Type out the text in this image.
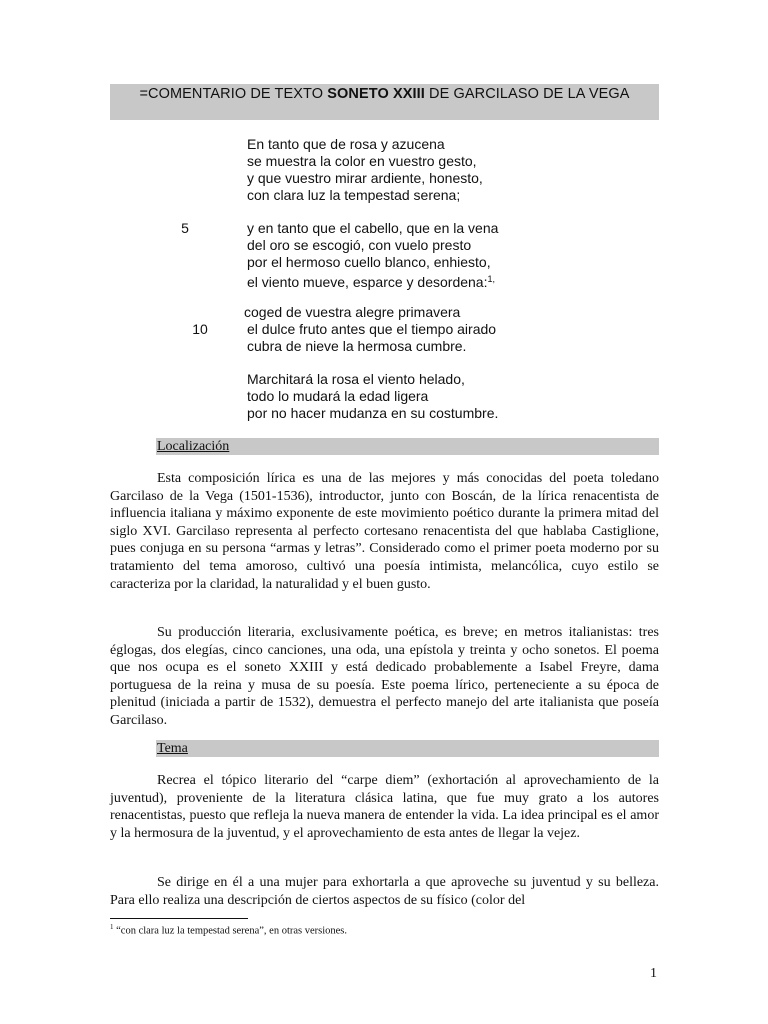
=COMENTARIO DE TEXTO SONETO XXIII DE GARCILASO DE LA VEGA
En tanto que de rosa y azucena
se muestra la color en vuestro gesto,
y que vuestro mirar ardiente, honesto,
con clara luz la tempestad serena;
5	y en tanto que el cabello, que en la vena
del oro se escogió, con vuelo presto
por el hermoso cuello blanco, enhiesto,
el viento mueve, esparce y desordena:$^{1,}$
coged de vuestra alegre primavera
10	el dulce fruto antes que el tiempo airado
cubra de nieve la hermosa cumbre.
Marchitará la rosa el viento helado,
todo lo mudará la edad ligera
por no hacer mudanza en su costumbre.
Localización

Esta composición lírica es una de las mejores y más conocidas del poeta toledano Garcilaso de la Vega (1501-1536), introductor, junto con Boscán, de la lírica renacentista de influencia italiana y máximo exponente de este movimiento poético durante la primera mitad del siglo XVI. Garcilaso representa al perfecto cortesano renacentista del que hablaba Castiglione, pues conjuga en su persona “armas y letras”. Considerado como el primer poeta moderno por su tratamiento del tema amoroso, cultivó una poesía intimista, melancólica, cuyo estilo se caracteriza por la claridad, la naturalidad y el buen gusto.

Su producción literaria, exclusivamente poética, es breve; en metros italianistas: tres églogas, dos elegías, cinco canciones, una oda, una epístola y treinta y ocho sonetos. El poema que nos ocupa es el soneto XXIII y está dedicado probablemente a Isabel Freyre, dama portuguesa de la reina y musa de su poesía. Este poema lírico, perteneciente a su época de plenitud (iniciada a partir de 1532), demuestra el perfecto manejo del arte italianista que poseía Garcilaso.

Tema

Recrea el tópico literario del “carpe diem” (exhortación al aprovechamiento de la juventud), proveniente de la literatura clásica latina, que fue muy grato a los autores renacentistas, puesto que refleja la nueva manera de entender la vida. La idea principal es el amor y la hermosura de la juventud, y el aprovechamiento de esta antes de llegar la vejez.

Se dirige en él a una mujer para exhortarla a que aproveche su juventud y su belleza. Para ello realiza una descripción de ciertos aspectos de su físico (color del

$^1$ “con clara luz la tempestad serena”, en otras versiones.
1
